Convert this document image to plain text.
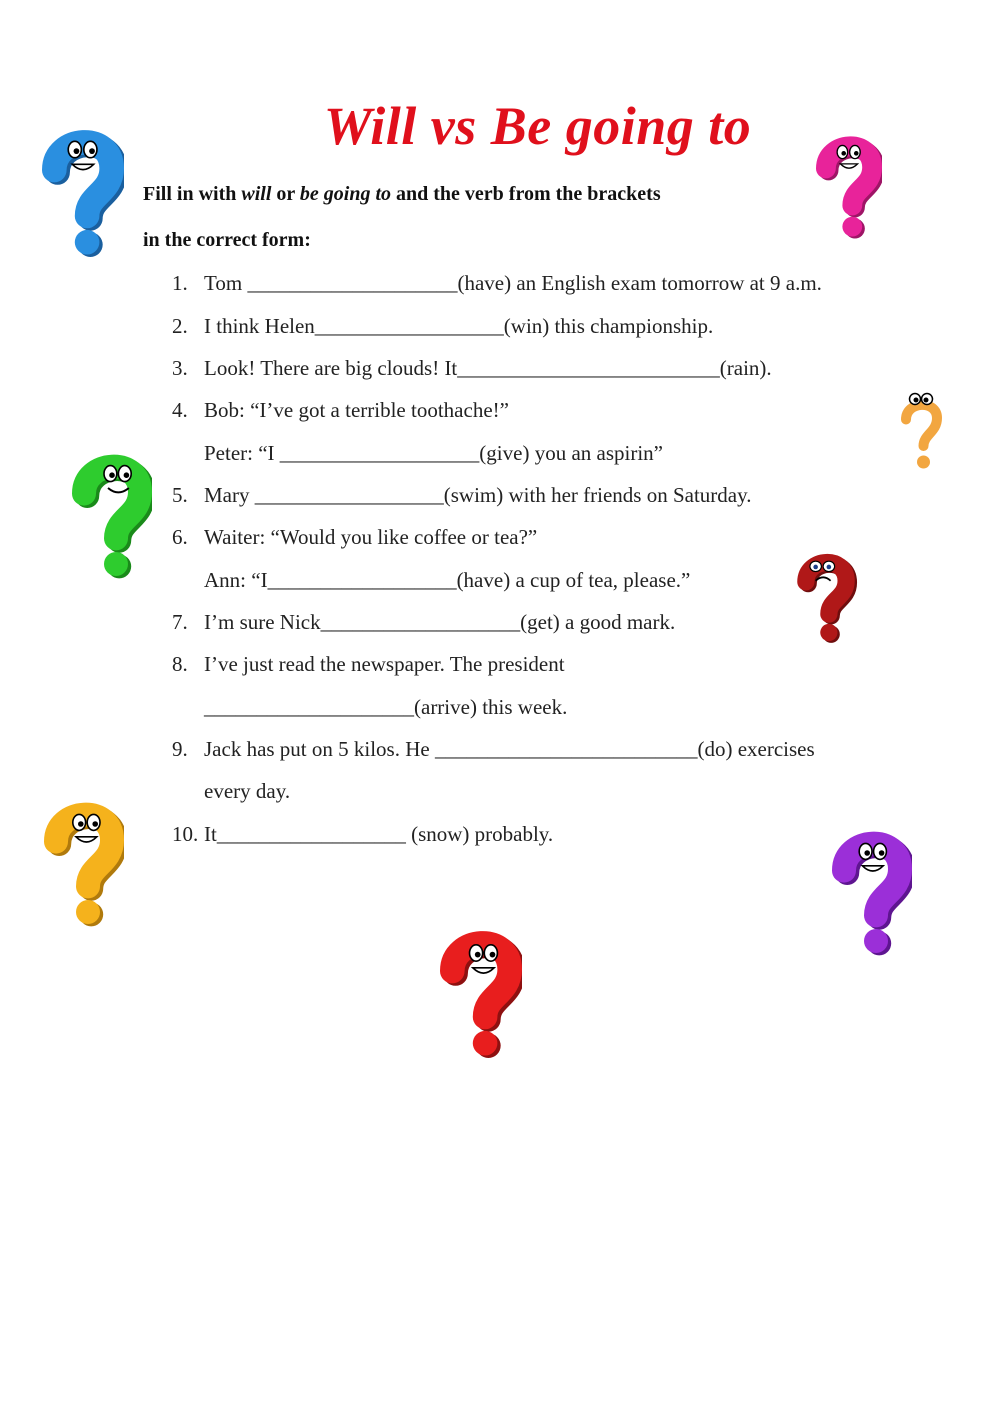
Will vs Be going to
Fill in with will or be going to and the verb from the brackets
in the correct form:
1. Tom ____________________(have) an English exam tomorrow at 9 a.m.
2. I think Helen__________________(win) this championship.
3. Look! There are big clouds! It_________________________(rain).
4. Bob: “I’ve got a terrible toothache!”
Peter: “I ___________________(give) you an aspirin”
5. Mary __________________(swim) with her friends on Saturday.
6. Waiter: “Would you like coffee or tea?”
Ann: “I__________________(have) a cup of tea, please.”
7. I’m sure Nick___________________(get) a good mark.
8. I’ve just read the newspaper. The president
____________________(arrive) this week.
9. Jack has put on 5 kilos. He _________________________(do) exercises
every day.
10. It__________________ (snow) probably.
